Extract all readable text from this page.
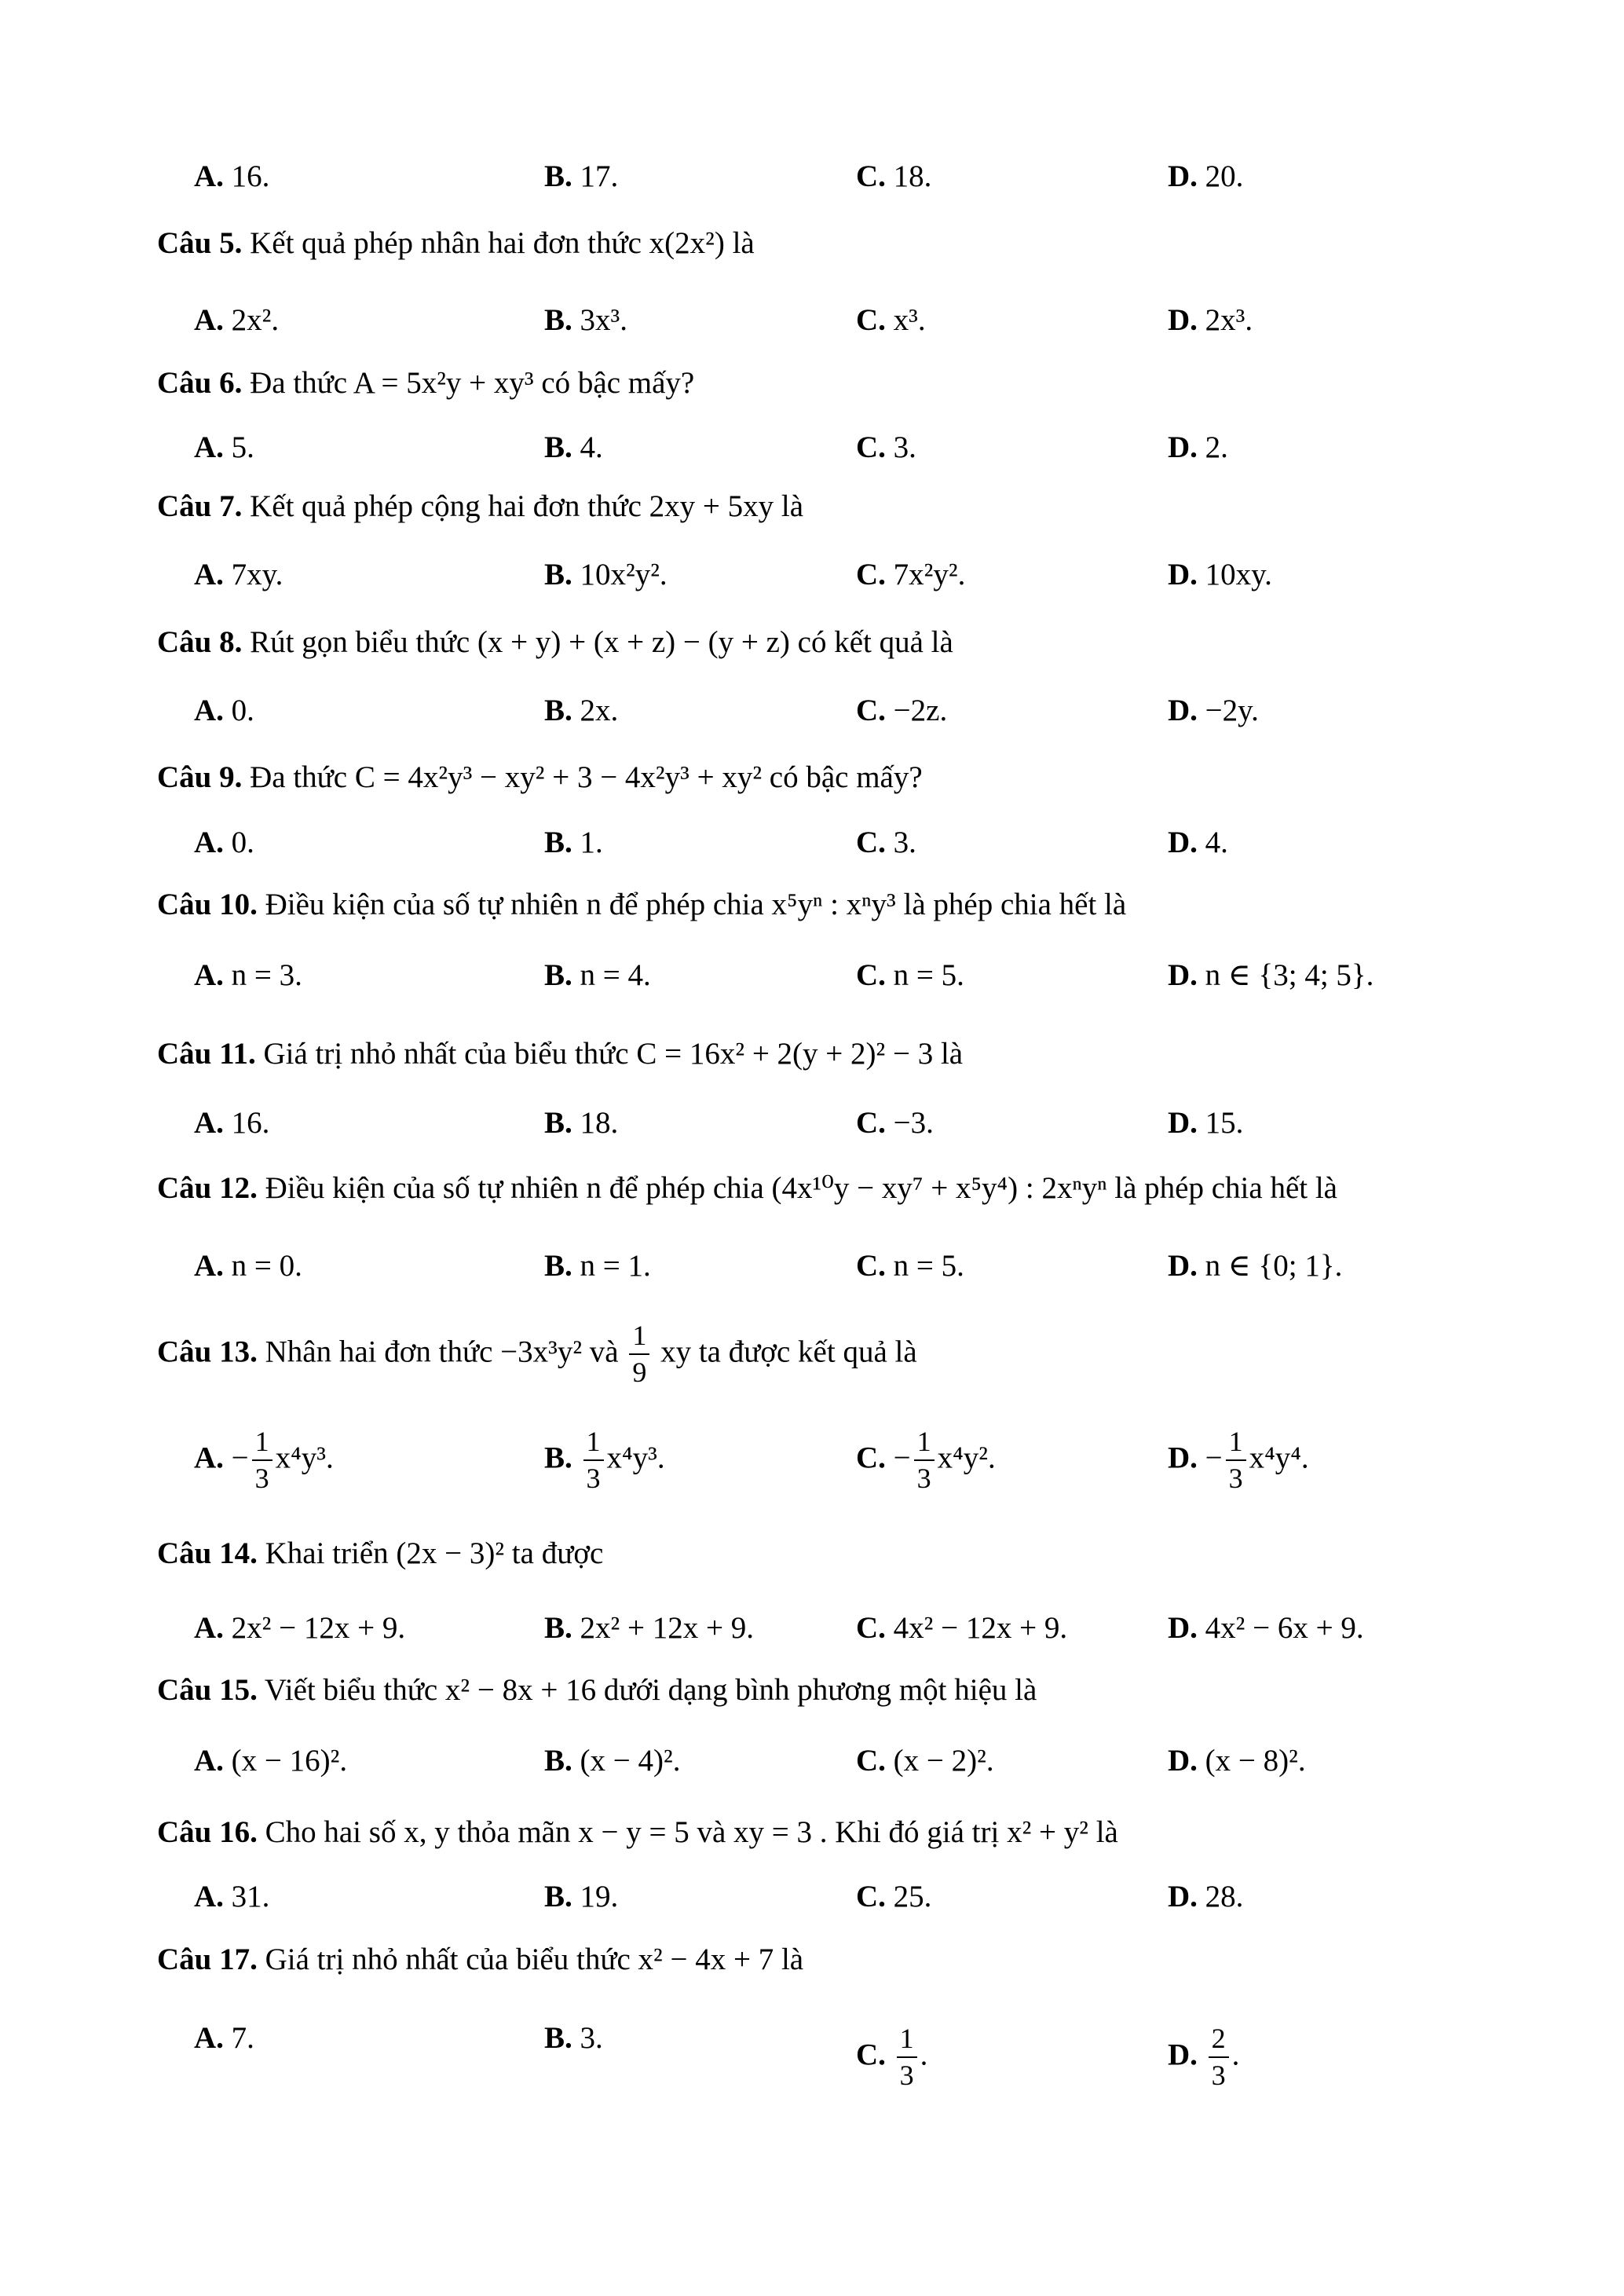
A. 16.	B. 17.	C. 18.	D. 20.
Câu 5. Kết quả phép nhân hai đơn thức x(2x²) là
A. 2x².	B. 3x³.	C. x³.	D. 2x³.
Câu 6. Đa thức A = 5x²y + xy³ có bậc mấy?
A. 5.	B. 4.	C. 3.	D. 2.
Câu 7. Kết quả phép cộng hai đơn thức 2xy + 5xy là
A. 7xy.	B. 10x²y².	C. 7x²y².	D. 10xy.
Câu 8. Rút gọn biểu thức (x + y) + (x + z) − (y + z) có kết quả là
A. 0.	B. 2x.	C. −2z.	D. −2y.
Câu 9. Đa thức C = 4x²y³ − xy² + 3 − 4x²y³ + xy² có bậc mấy?
A. 0.	B. 1.	C. 3.	D. 4.
Câu 10. Điều kiện của số tự nhiên n để phép chia x⁵yⁿ : xⁿy³ là phép chia hết là
A. n = 3.	B. n = 4.	C. n = 5.	D. n ∈ {3; 4; 5}.
Câu 11. Giá trị nhỏ nhất của biểu thức C = 16x² + 2(y + 2)² − 3 là
A. 16.	B. 18.	C. −3.	D. 15.
Câu 12. Điều kiện của số tự nhiên n để phép chia (4x¹⁰y − xy⁷ + x⁵y⁴) : 2xⁿyⁿ là phép chia hết là
A. n = 0.	B. n = 1.	C. n = 5.	D. n ∈ {0; 1}.
Câu 13. Nhân hai đơn thức −3x³y² và $\frac{1}{9}$ xy ta được kết quả là
A. − $\frac{1}{3} x^4y^3$.	B. $\frac{1}{3} x^4y^3$.	C. − $\frac{1}{3} x^4y^2$.	D. − $\frac{1}{3} x^4y^4$.
Câu 14. Khai triển (2x − 3)² ta được
A. 2x² − 12x + 9.	B. 2x² + 12x + 9.	C. 4x² − 12x + 9.	D. 4x² − 6x + 9.
Câu 15. Viết biểu thức x² − 8x + 16 dưới dạng bình phương một hiệu là
A. (x − 16)².	B. (x − 4)².	C. (x − 2)².	D. (x − 8)².
Câu 16. Cho hai số x, y thỏa mãn x − y = 5 và xy = 3 . Khi đó giá trị x² + y² là
A. 31.	B. 19.	C. 25.	D. 28.
Câu 17. Giá trị nhỏ nhất của biểu thức x² − 4x + 7 là
A. 7.	B. 3.	C. $\frac{1}{3}$ .	D. $\frac{2}{3}$ .
